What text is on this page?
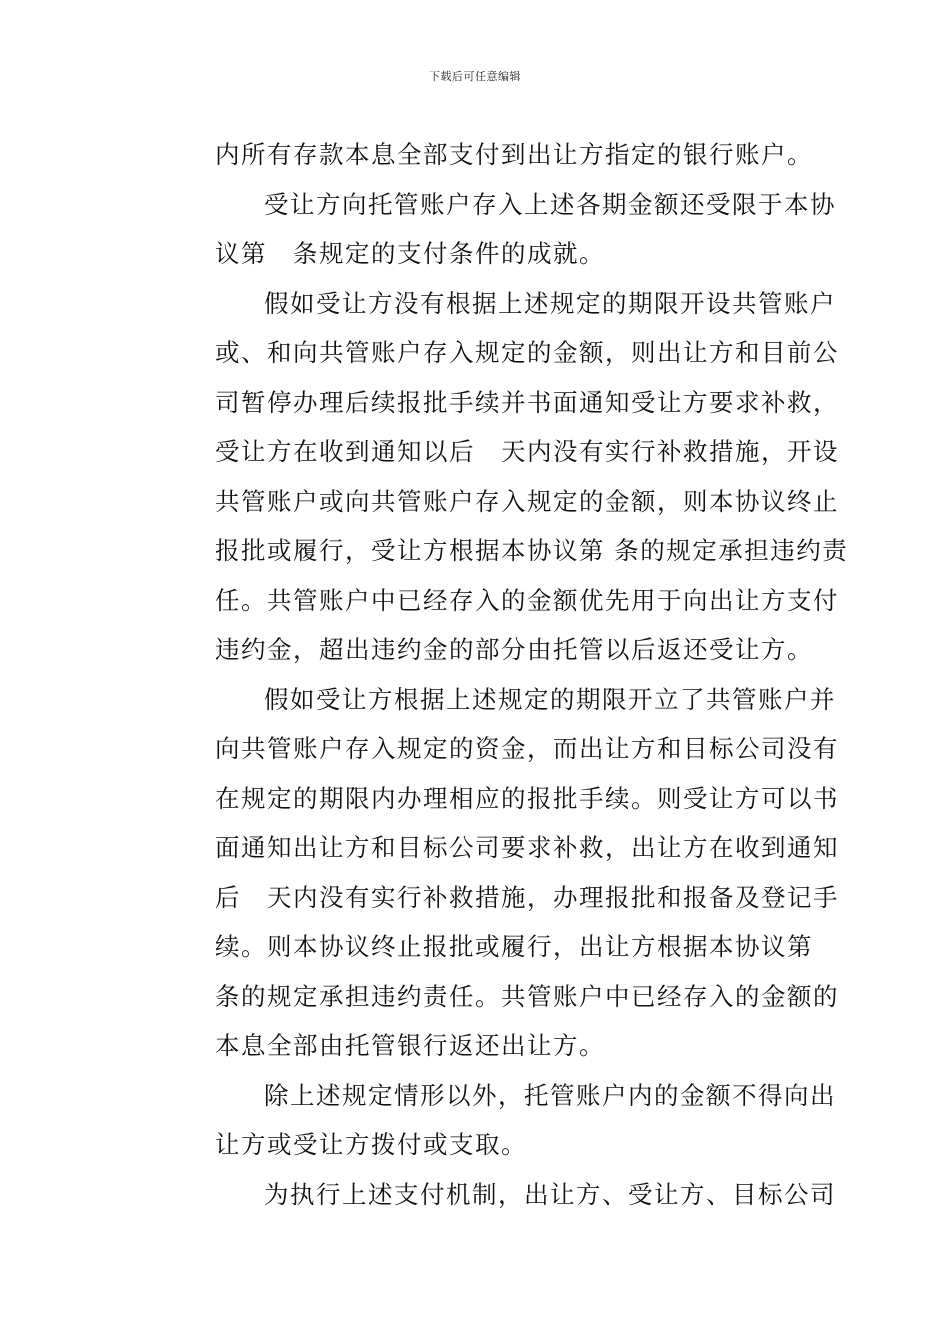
下载后可任意编辑
内所有存款本息全部支付到出让方指定的银行账户。
受让方向托管账户存入上述各期金额还受限于本协
议第　条规定的支付条件的成就。
假如受让方没有根据上述规定的期限开设共管账户
或、和向共管账户存入规定的金额，则出让方和目前公
司暂停办理后续报批手续并书面通知受让方要求补救，
受让方在收到通知以后　天内没有实行补救措施，开设
共管账户或向共管账户存入规定的金额，则本协议终止
报批或履行，受让方根据本协议第 条的规定承担违约责
任。共管账户中已经存入的金额优先用于向出让方支付
违约金，超出违约金的部分由托管以后返还受让方。
假如受让方根据上述规定的期限开立了共管账户并
向共管账户存入规定的资金，而出让方和目标公司没有
在规定的期限内办理相应的报批手续。则受让方可以书
面通知出让方和目标公司要求补救，出让方在收到通知
后　天内没有实行补救措施，办理报批和报备及登记手
续。则本协议终止报批或履行，出让方根据本协议第
条的规定承担违约责任。共管账户中已经存入的金额的
本息全部由托管银行返还出让方。
除上述规定情形以外，托管账户内的金额不得向出
让方或受让方拨付或支取。
为执行上述支付机制，出让方、受让方、目标公司
